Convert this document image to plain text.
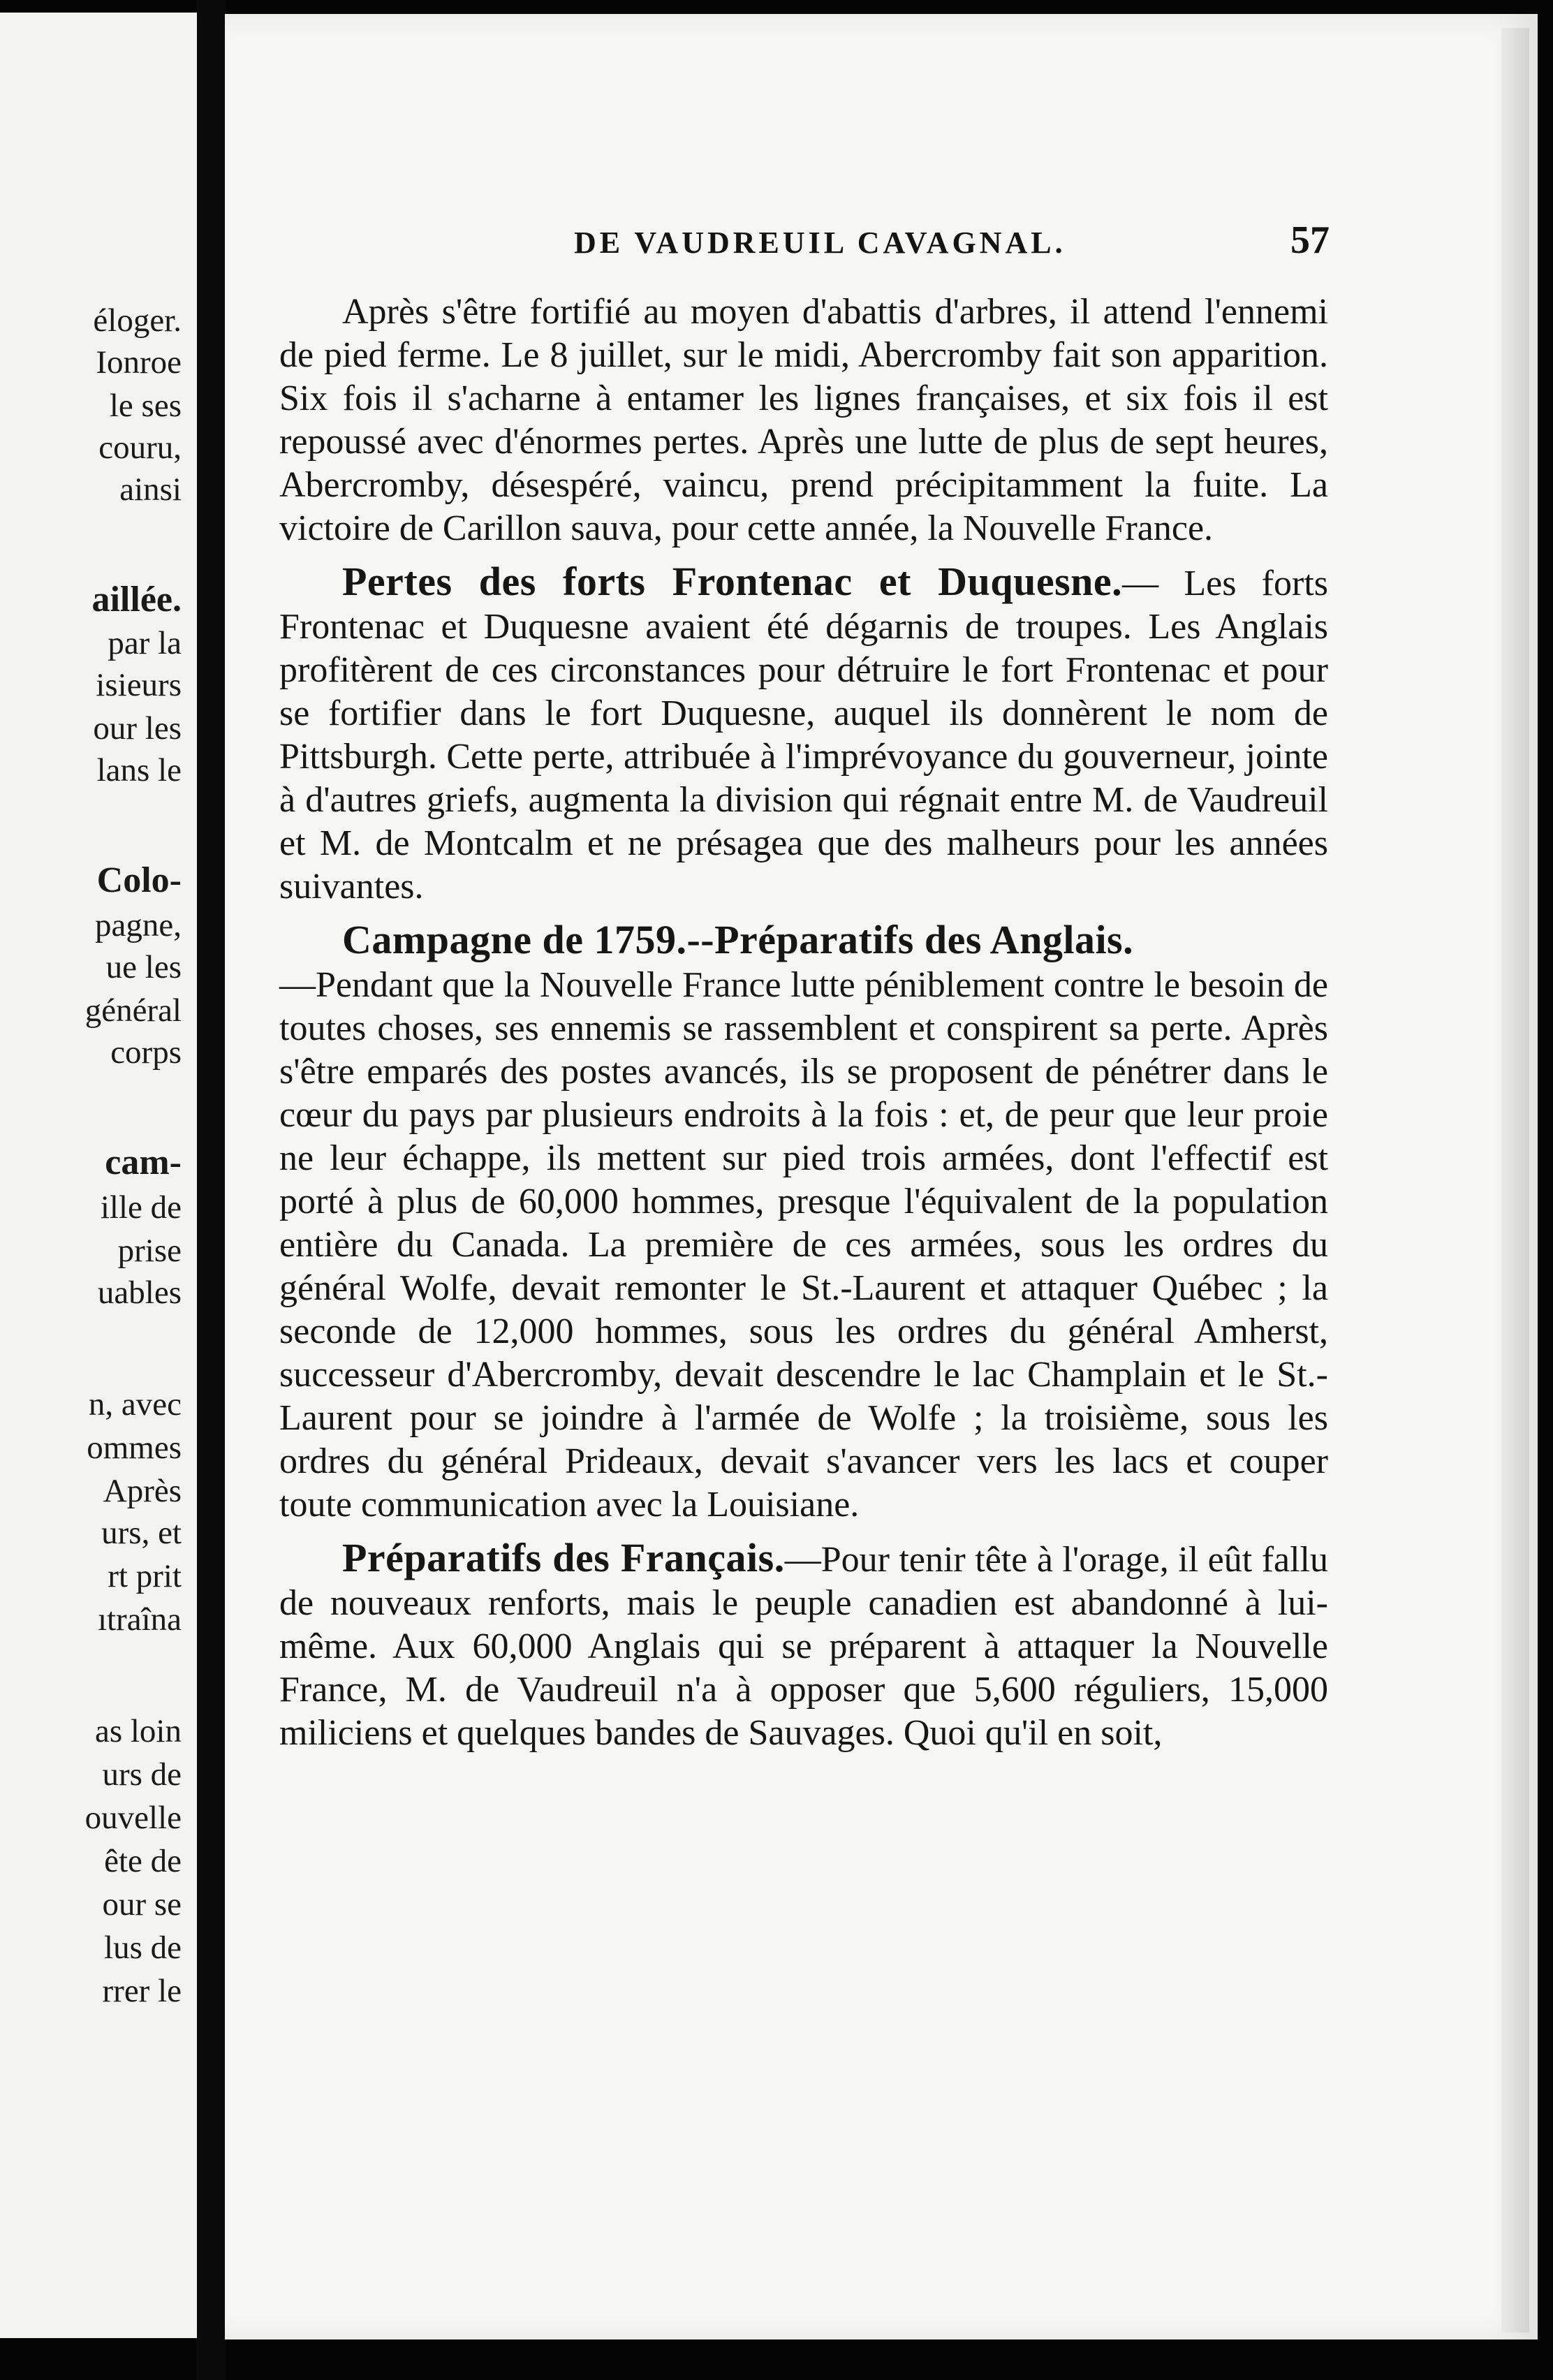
éloger.
Ionroe
le ses
couru,
ainsi
aillée.
par la
isieurs
our les
lans le
Colo-
pagne,
ue les
général
corps
cam-
ille de
prise
uables
n, avec
ommes
Après
urs, et
rt prit
ıtraîna
as loin
urs de
ouvelle
ête de
our se
lus de
rrer le
DE VAUDREUIL CAVAGNAL.	57

Après s'être fortifié au moyen d'abattis d'arbres, il attend l'ennemi de pied ferme. Le 8 juillet, sur le midi, Abercromby fait son apparition. Six fois il s'acharne à entamer les lignes françaises, et six fois il est repoussé avec d'énormes pertes. Après une lutte de plus de sept heures, Abercromby, désespéré, vaincu, prend précipitamment la fuite. La victoire de Carillon sauva, pour cette année, la Nouvelle France.

Pertes des forts Frontenac et Duquesne.— Les forts Frontenac et Duquesne avaient été dégarnis de troupes. Les Anglais profitèrent de ces circonstances pour détruire le fort Frontenac et pour se fortifier dans le fort Duquesne, auquel ils donnèrent le nom de Pittsburgh. Cette perte, attribuée à l'imprévoyance du gouverneur, jointe à d'autres griefs, augmenta la division qui régnait entre M. de Vaudreuil et M. de Montcalm et ne présagea que des malheurs pour les années suivantes.

Campagne de 1759.--Préparatifs des Anglais.

—Pendant que la Nouvelle France lutte péniblement contre le besoin de toutes choses, ses ennemis se rassemblent et conspirent sa perte. Après s'être emparés des postes avancés, ils se proposent de pénétrer dans le cœur du pays par plusieurs endroits à la fois : et, de peur que leur proie ne leur échappe, ils mettent sur pied trois armées, dont l'effectif est porté à plus de 60,000 hommes, presque l'équivalent de la population entière du Canada. La première de ces armées, sous les ordres du général Wolfe, devait remonter le St.-Laurent et attaquer Québec ; la seconde de 12,000 hommes, sous les ordres du général Amherst, successeur d'Abercromby, devait descendre le lac Champlain et le St.-Laurent pour se joindre à l'armée de Wolfe ; la troisième, sous les ordres du général Prideaux, devait s'avancer vers les lacs et couper toute communication avec la Louisiane.

Préparatifs des Français.—Pour tenir tête à l'orage, il eût fallu de nouveaux renforts, mais le peuple canadien est abandonné à lui-même. Aux 60,000 Anglais qui se préparent à attaquer la Nouvelle France, M. de Vaudreuil n'a à opposer que 5,600 réguliers, 15,000 miliciens et quelques bandes de Sauvages. Quoi qu'il en soit,
